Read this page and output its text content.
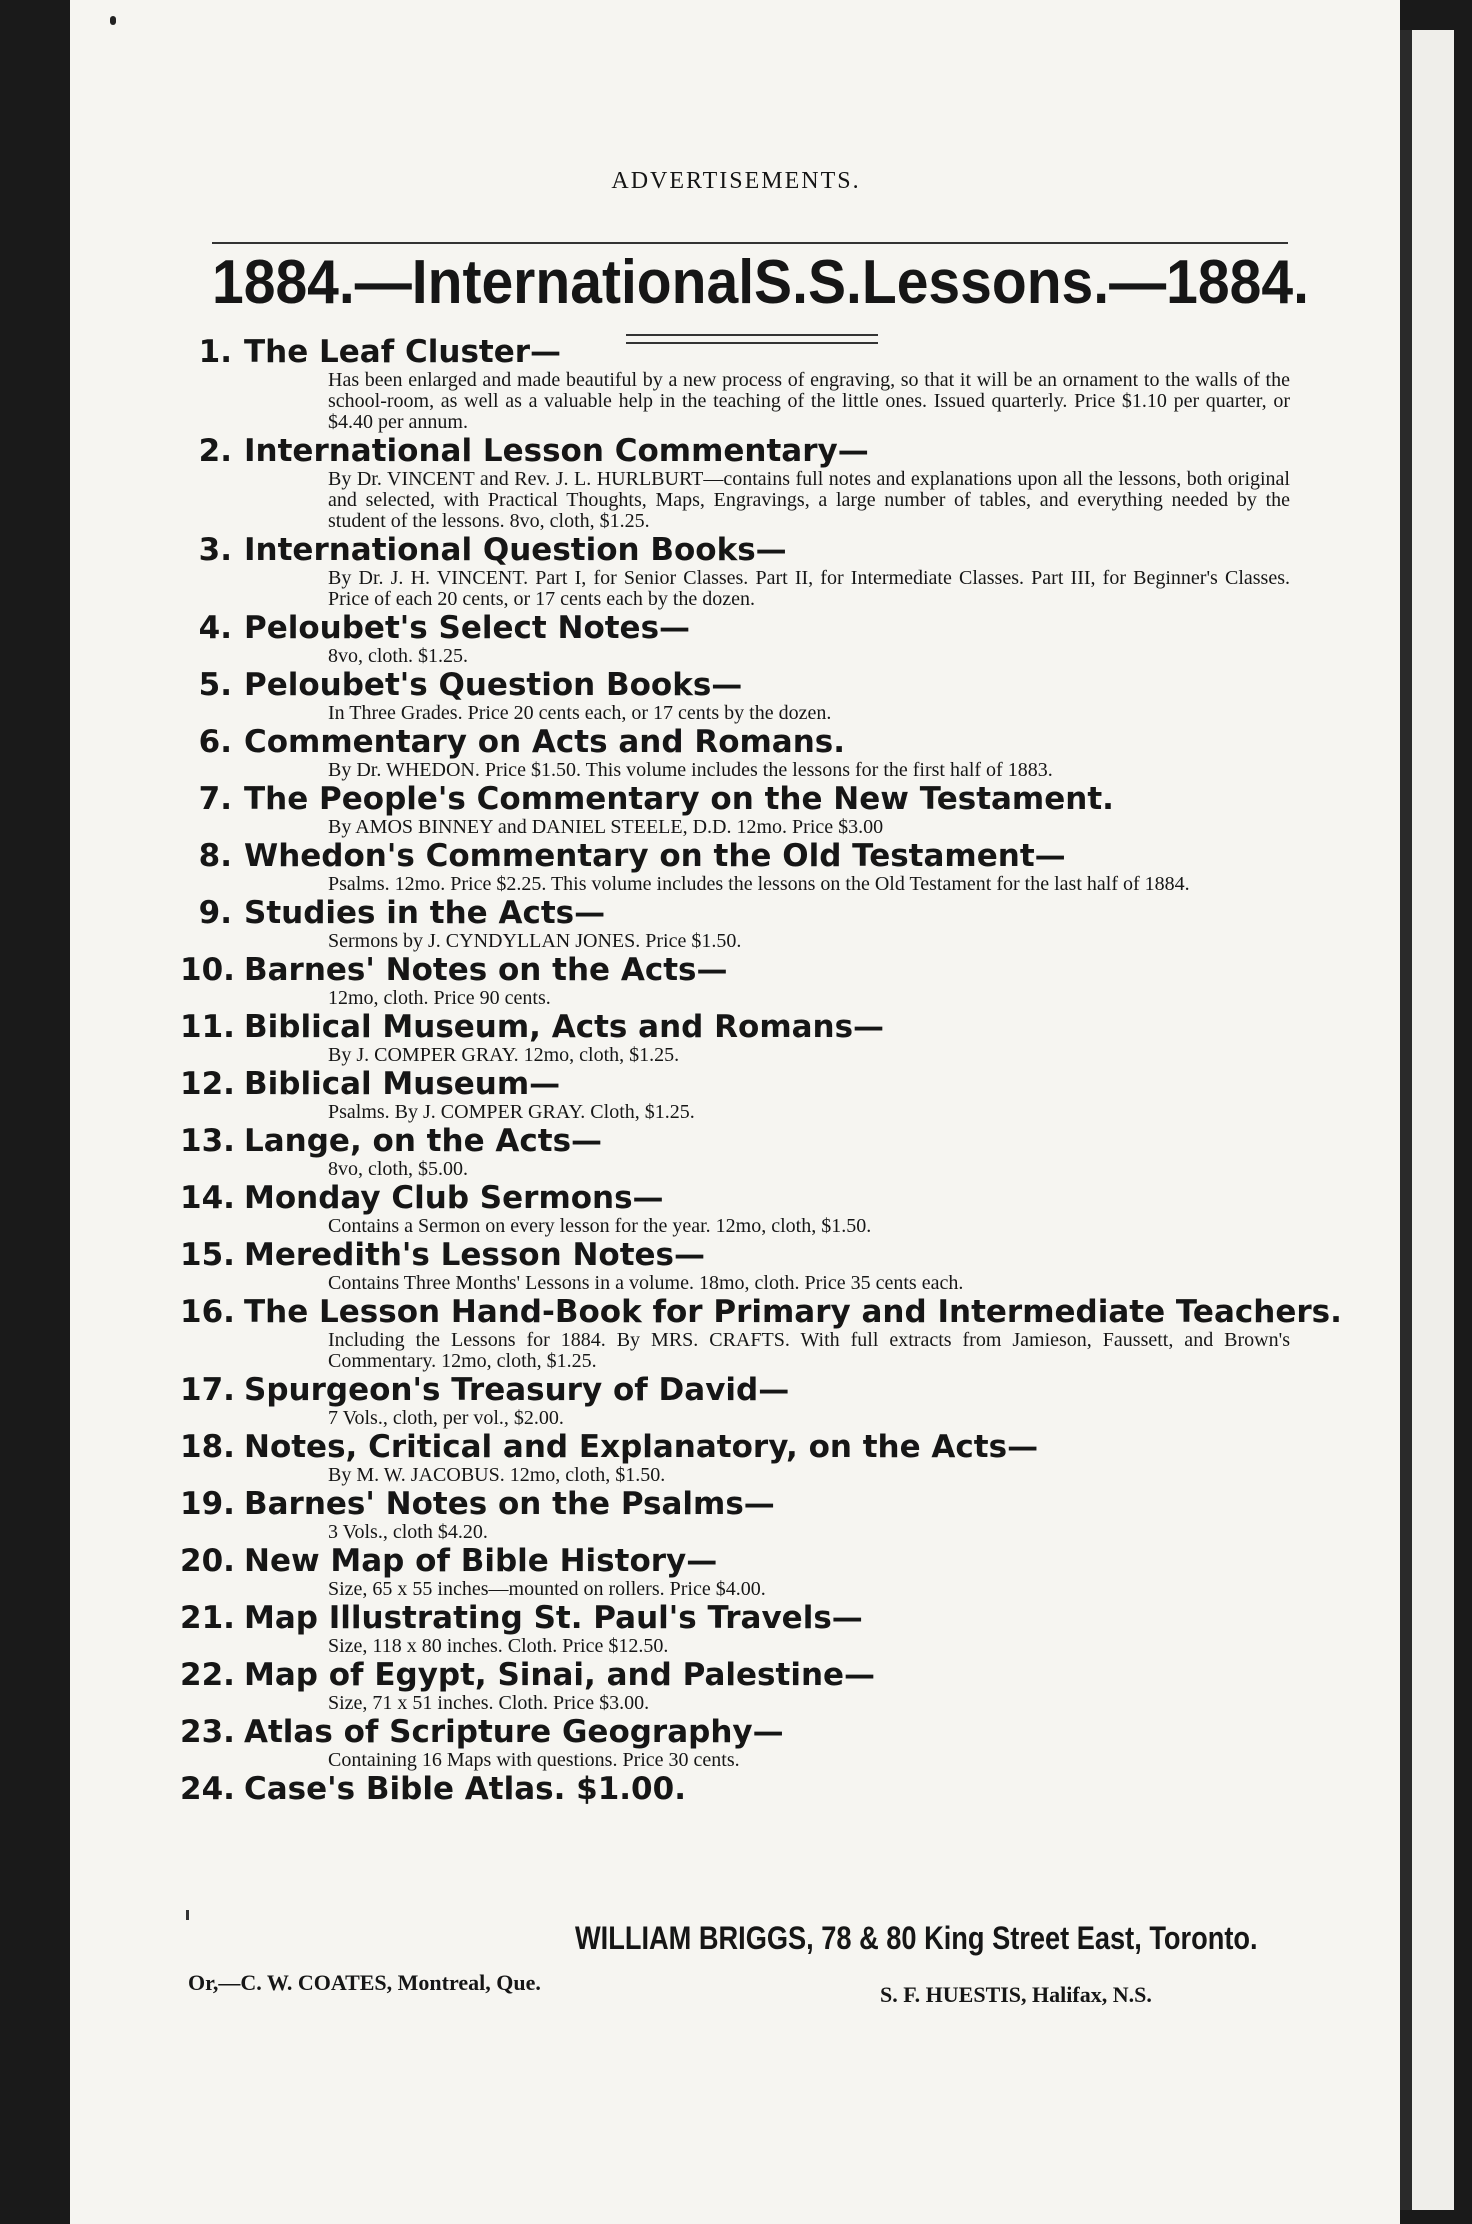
ADVERTISEMENTS.
1884.—International S. S. Lessons.—1884.
1. The Leaf Cluster—
Has been enlarged and made beautiful by a new process of engraving, so that it will be an ornament to the walls of the school-room, as well as a valuable help in the teaching of the little ones. Issued quarterly. Price $1.10 per quarter, or $4.40 per annum.
2. International Lesson Commentary—
By Dr. VINCENT and Rev. J. L. HURLBURT—contains full notes and explanations upon all the lessons, both original and selected, with Practical Thoughts, Maps, Engravings, a large number of tables, and everything needed by the student of the lessons. 8vo, cloth, $1.25.
3. International Question Books—
By Dr. J. H. VINCENT. Part I, for Senior Classes. Part II, for Intermediate Classes. Part III, for Beginner's Classes. Price of each 20 cents, or 17 cents each by the dozen.
4. Peloubet's Select Notes—
8vo, cloth. $1.25.
5. Peloubet's Question Books—
In Three Grades. Price 20 cents each, or 17 cents by the dozen.
6. Commentary on Acts and Romans.
By Dr. WHEDON. Price $1.50. This volume includes the lessons for the first half of 1883.
7. The People's Commentary on the New Testament.
By AMOS BINNEY and DANIEL STEELE, D.D. 12mo. Price $3.00
8. Whedon's Commentary on the Old Testament—
Psalms. 12mo. Price $2.25. This volume includes the lessons on the Old Testament for the last half of 1884.
9. Studies in the Acts—
Sermons by J. CYNDYLLAN JONES. Price $1.50.
10. Barnes' Notes on the Acts—
12mo, cloth. Price 90 cents.
11. Biblical Museum, Acts and Romans—
By J. COMPER GRAY. 12mo, cloth, $1.25.
12. Biblical Museum—
Psalms. By J. COMPER GRAY. Cloth, $1.25.
13. Lange, on the Acts—
8vo, cloth, $5.00.
14. Monday Club Sermons—
Contains a Sermon on every lesson for the year. 12mo, cloth, $1.50.
15. Meredith's Lesson Notes—
Contains Three Months' Lessons in a volume. 18mo, cloth. Price 35 cents each.
16. The Lesson Hand-Book for Primary and Intermediate Teachers.
Including the Lessons for 1884. By MRS. CRAFTS. With full extracts from Jamieson, Faussett, and Brown's Commentary. 12mo, cloth, $1.25.
17. Spurgeon's Treasury of David—
7 Vols., cloth, per vol., $2.00.
18. Notes, Critical and Explanatory, on the Acts—
By M. W. JACOBUS. 12mo, cloth, $1.50.
19. Barnes' Notes on the Psalms—
3 Vols., cloth $4.20.
20. New Map of Bible History—
Size, 65 x 55 inches—mounted on rollers. Price $4.00.
21. Map Illustrating St. Paul's Travels—
Size, 118 x 80 inches. Cloth. Price $12.50.
22. Map of Egypt, Sinai, and Palestine—
Size, 71 x 51 inches. Cloth. Price $3.00.
23. Atlas of Scripture Geography—
Containing 16 Maps with questions. Price 30 cents.
24. Case's Bible Atlas. $1.00.
WILLIAM BRIGGS, 78 & 80 King Street East, Toronto.
Or,—C. W. COATES, Montreal, Que.	S. F. HUESTIS, Halifax, N.S.
